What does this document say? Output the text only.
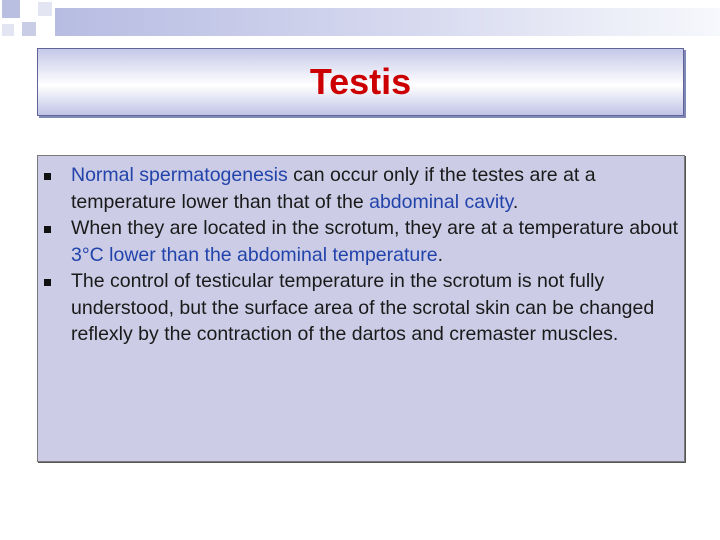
Testis
Normal spermatogenesis can occur only if the testes are at a temperature lower than that of the abdominal cavity.
When they are located in the scrotum, they are at a temperature about 3°C lower than the abdominal temperature.
The control of testicular temperature in the scrotum is not fully understood, but the surface area of the scrotal skin can be changed reflexly by the contraction of the dartos and cremaster muscles.
